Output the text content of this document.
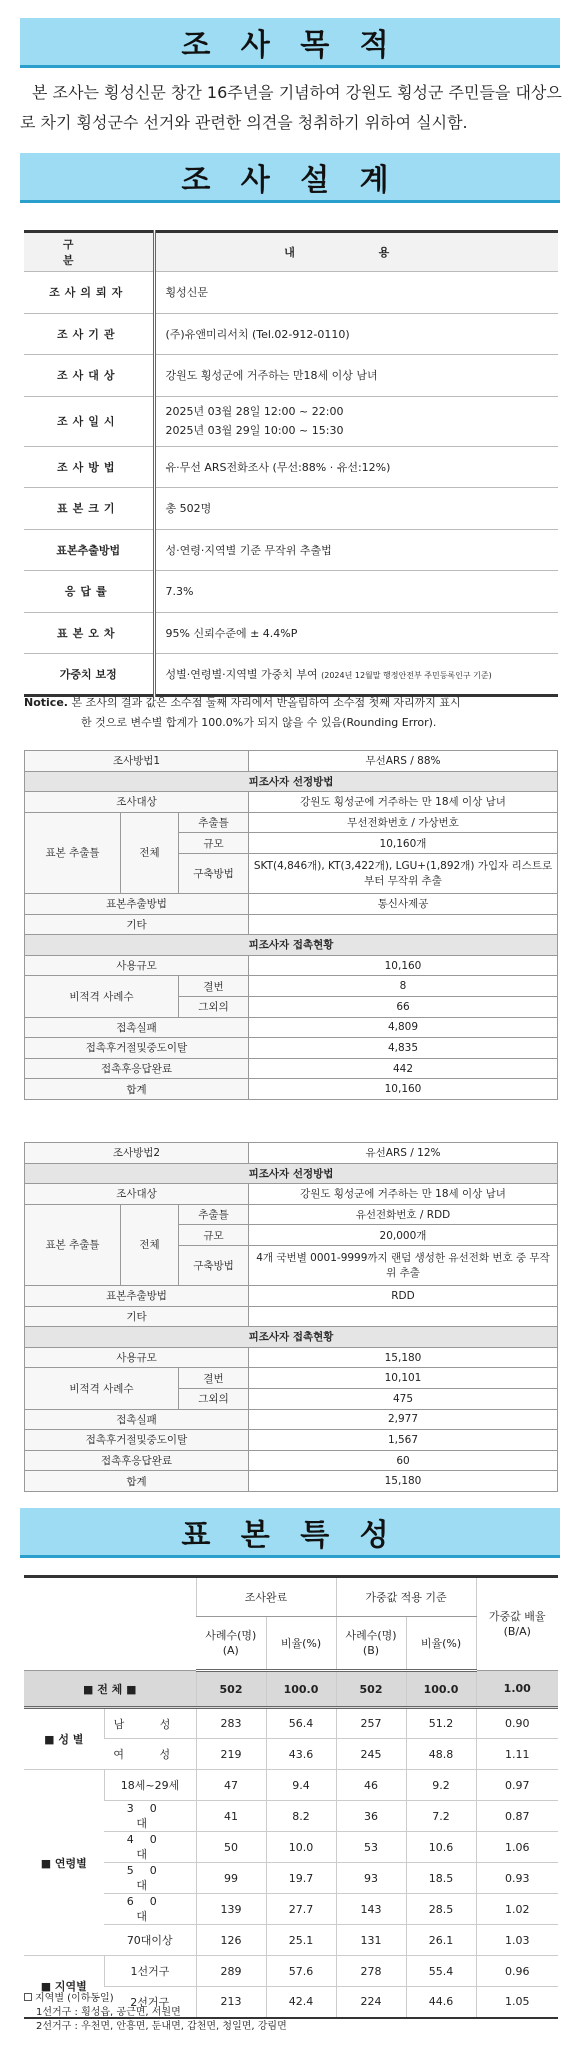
조 사 목 적

본 조사는 횡성신문 창간 16주년을 기념하여 강원도 횡성군 주민들을 대상으로 차기 횡성군수 선거와 관련한 의견을 청취하기 위하여 실시함.

조 사 설 계
구 분	내 용
조사의뢰자	횡성신문
조사기관	(주)유앤미리서치 (Tel.02-912-0110)
조사대상	강원도 횡성군에 거주하는 만18세 이상 남녀
조사일시	2025년 03월 28일 12:00 ~ 22:00
2025년 03월 29일 10:00 ~ 15:30

조사방법	유·무선 ARS전화조사 (무선:88% · 유선:12%)
표본크기	총 502명
표본추출방법	성·연령·지역별 기준 무작위 추출법
응답률	7.3%
표본오차	95% 신뢰수준에 ± 4.4%P
가중치 보정	성별·연령별·지역별 가중치 부여 (2024년 12월말 행정안전부 주민등록인구 기준)
Notice. 본 조사의 결과 값은 소수점 둘째 자리에서 반올림하여 소수점 첫째 자리까지 표시
한 것으로 변수별 합계가 100.0%가 되지 않을 수 있음(Rounding Error).
조사방법1			무선ARS / 88%
피조사자 선정방법			
조사대상			강원도 횡성군에 거주하는 만 18세 이상 남녀
표본 추출틀	전체	추출틀	무선전화번호 / 가상번호
		규모	10,160개
		구축방법	SKT(4,846개), KT(3,422개), LGU+(1,892개) 가입자 리스트로부터 무작위 추출
표본추출방법			통신사제공
기타			
피조사자 접촉현황			
사용규모			10,160
비적격 사례수		결번	8
		그외의	66
접촉실패			4,809
접촉후거절및중도이탈			4,835
접촉후응답완료			442
합계			10,160
조사방법2			유선ARS / 12%
피조사자 선정방법			
조사대상			강원도 횡성군에 거주하는 만 18세 이상 남녀
표본 추출틀	전체	추출틀	유선전화번호 / RDD
		규모	20,000개
		구축방법	4개 국번별 0001-9999까지 랜덤 생성한 유선전화 번호 중 무작위 추출
표본추출방법			RDD
기타			
피조사자 접촉현황			
사용규모			15,180
비적격 사례수		결번	10,101
		그외의	475
접촉실패			2,977
접촉후거절및중도이탈			1,567
접촉후응답완료			60
합계			15,180
표 본 특 성
		조사완료		가중값 적용 기준		가중값 배율 (B/A)
		사례수(명) (A)	비율(%)	사례수(명) (B)	비율(%)	
■ 전 체 ■		502	100.0	502	100.0	1.00
■ 성 별	남 성	283	56.4	257	51.2	0.90
	여 성	219	43.6	245	48.8	1.11
■ 연령별	18세~29세	47	9.4	46	9.2	0.97
	30 대	41	8.2	36	7.2	0.87
	40 대	50	10.0	53	10.6	1.06
	50 대	99	19.7	93	18.5	0.93
	60 대	139	27.7	143	28.5	1.02
	70대이상	126	25.1	131	26.1	1.03
■ 지역별	1선거구	289	57.6	278	55.4	0.96
	2선거구	213	42.4	224	44.6	1.05
지역별 (이하동일)
1선거구 : 횡성읍, 공근면, 서원면
2선거구 : 우천면, 안흥면, 둔내면, 갑천면, 청일면, 강림면
